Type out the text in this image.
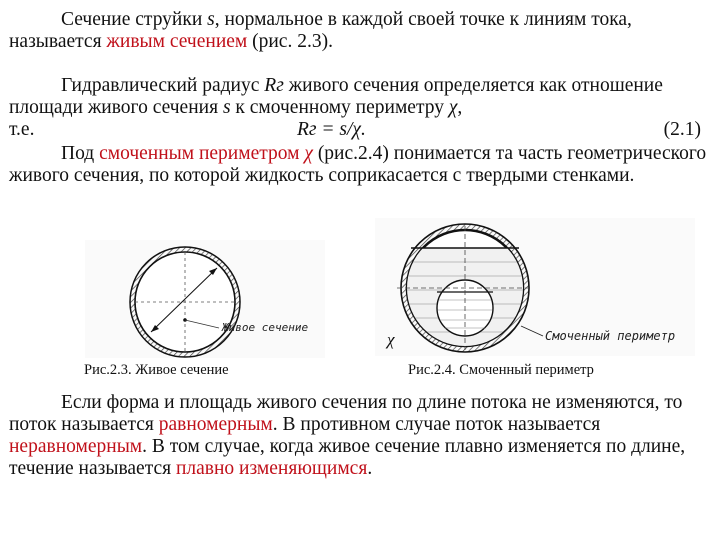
Сечение струйки s, нормальное в каждой своей точке к линиям тока, называется живым сечением (рис. 2.3).

Гидравлический радиус Rг живого сечения определяется как отношение площади живого сечения s к смоченному периметру χ,
т.е.	Rг = s/χ.	(2.1)

Под смоченным периметром χ (рис.2.4) понимается та часть геометрического живого сечения, по которой жидкость соприкасается с твердыми стенками.

Живое сечение
Рис.2.3. Живое сечение
Смоченный периметр
χ
Рис.2.4. Смоченный периметр

Если форма и площадь живого сечения по длине потока не изменяются, то поток называется равномерным. В противном случае поток называется неравномерным. В том случае, когда живое сечение плавно изменяется по длине, течение называется плавно изменяющимся.
